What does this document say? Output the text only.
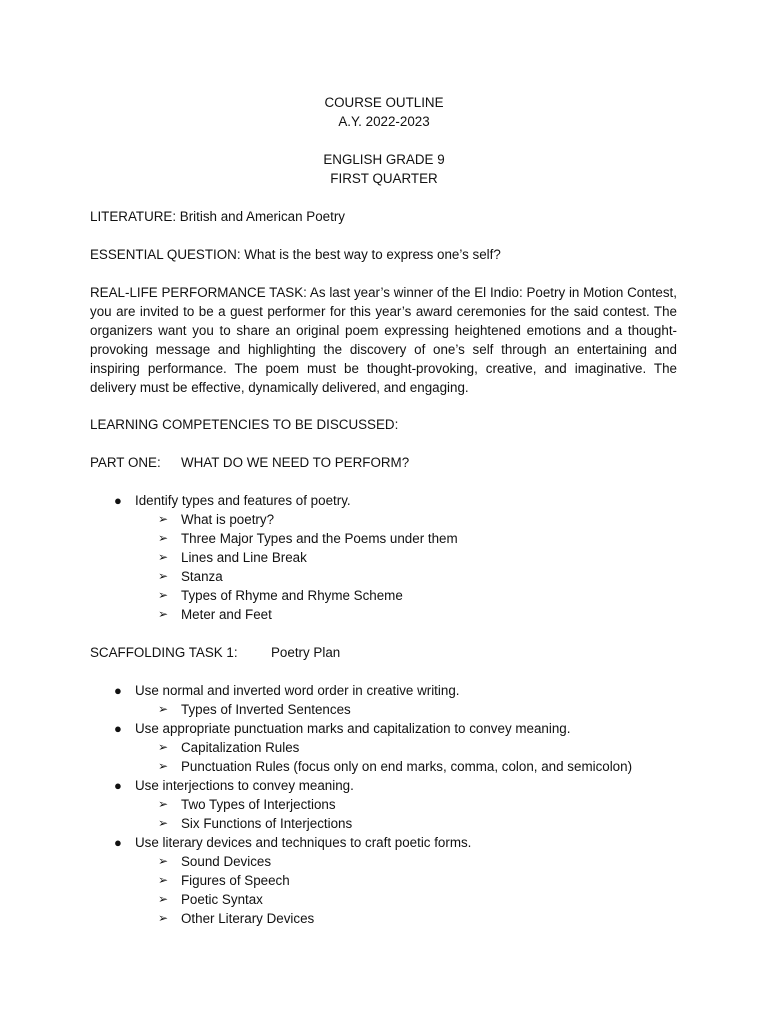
COURSE OUTLINE
A.Y. 2022-2023
ENGLISH GRADE 9
FIRST QUARTER
LITERATURE: British and American Poetry
ESSENTIAL QUESTION: What is the best way to express one’s self?
REAL-LIFE PERFORMANCE TASK: As last year’s winner of the El Indio: Poetry in Motion Contest, you are invited to be a guest performer for this year’s award ceremonies for the said contest. The organizers want you to share an original poem expressing heightened emotions and a thought-provoking message and highlighting the discovery of one’s self through an entertaining and inspiring performance. The poem must be thought-provoking, creative, and imaginative. The delivery must be effective, dynamically delivered, and engaging.
LEARNING COMPETENCIES TO BE DISCUSSED:
PART ONE: WHAT DO WE NEED TO PERFORM?
● Identify types and features of poetry.
➢ What is poetry?
➢ Three Major Types and the Poems under them
➢ Lines and Line Break
➢ Stanza
➢ Types of Rhyme and Rhyme Scheme
➢ Meter and Feet
SCAFFOLDING TASK 1: Poetry Plan
● Use normal and inverted word order in creative writing.
➢ Types of Inverted Sentences
● Use appropriate punctuation marks and capitalization to convey meaning.
➢ Capitalization Rules
➢ Punctuation Rules (focus only on end marks, comma, colon, and semicolon)
● Use interjections to convey meaning.
➢ Two Types of Interjections
➢ Six Functions of Interjections
● Use literary devices and techniques to craft poetic forms.
➢ Sound Devices
➢ Figures of Speech
➢ Poetic Syntax
➢ Other Literary Devices
